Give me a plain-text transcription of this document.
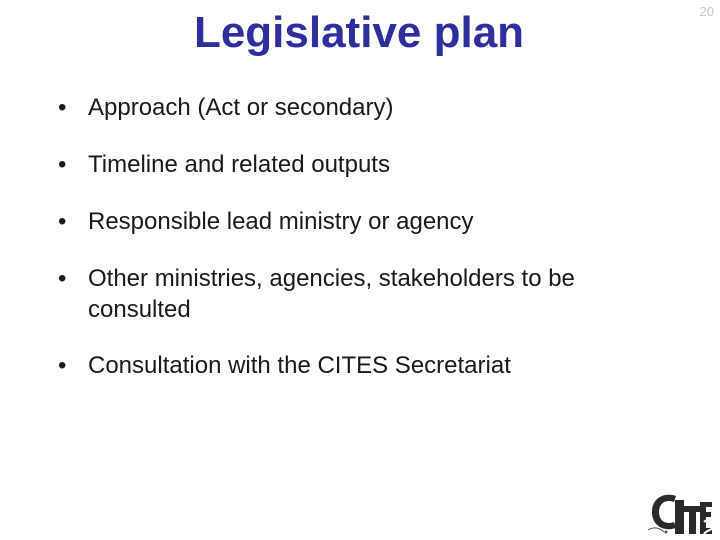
Legislative plan	20
• Approach (Act or secondary)
• Timeline and related outputs
• Responsible lead ministry or agency
• Other ministries, agencies, stakeholders to be consulted
• Consultation with the CITES Secretariat
